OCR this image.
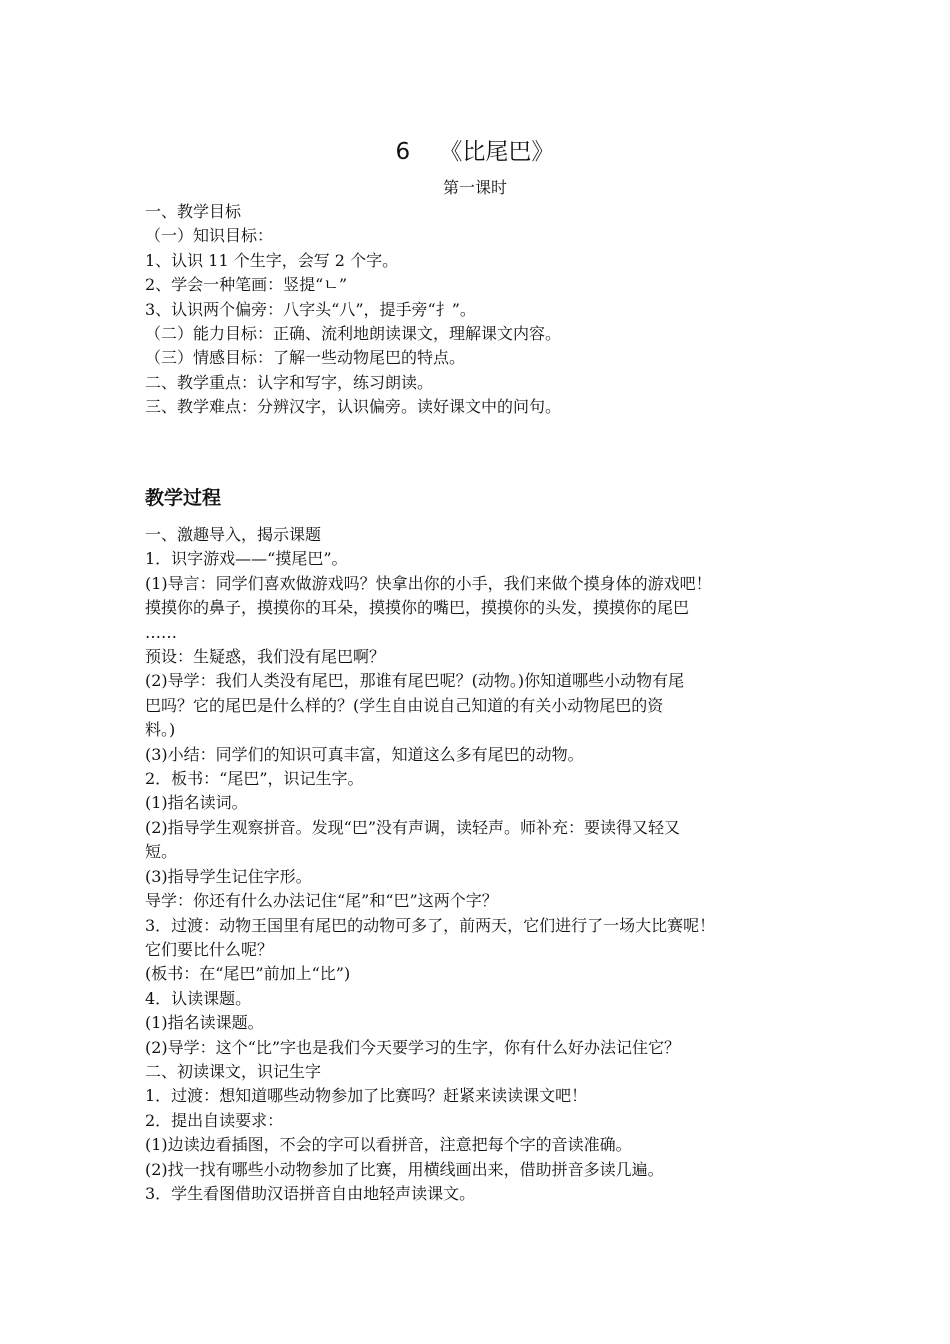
6    《比尾巴》
第一课时
一、教学目标
（一）知识目标：
1、认识 11 个生字，会写 2 个字。
2、学会一种笔画：竖提“ㄴ”
3、认识两个偏旁：八字头“八”，提手旁“扌”。
（二）能力目标：正确、流利地朗读课文，理解课文内容。
（三）情感目标：了解一些动物尾巴的特点。
二、教学重点：认字和写字，练习朗读。
三、教学难点：分辨汉字，认识偏旁。读好课文中的问句。
教学过程
一、激趣导入，揭示课题
1．识字游戏——“摸尾巴”。
(1)导言：同学们喜欢做游戏吗？快拿出你的小手，我们来做个摸身体的游戏吧！
摸摸你的鼻子，摸摸你的耳朵，摸摸你的嘴巴，摸摸你的头发，摸摸你的尾巴
……
预设：生疑惑，我们没有尾巴啊？
(2)导学：我们人类没有尾巴，那谁有尾巴呢？(动物。)你知道哪些小动物有尾
巴吗？它的尾巴是什么样的？(学生自由说自己知道的有关小动物尾巴的资
料。)
(3)小结：同学们的知识可真丰富，知道这么多有尾巴的动物。
2．板书：“尾巴”，识记生字。
(1)指名读词。
(2)指导学生观察拼音。发现“巴”没有声调，读轻声。师补充：要读得又轻又
短。
(3)指导学生记住字形。
导学：你还有什么办法记住“尾”和“巴”这两个字？
3．过渡：动物王国里有尾巴的动物可多了，前两天，它们进行了一场大比赛呢！
它们要比什么呢？
(板书：在“尾巴”前加上“比”)
4．认读课题。
(1)指名读课题。
(2)导学：这个“比”字也是我们今天要学习的生字，你有什么好办法记住它？
二、初读课文，识记生字
1．过渡：想知道哪些动物参加了比赛吗？赶紧来读读课文吧！
2．提出自读要求：
(1)边读边看插图，不会的字可以看拼音，注意把每个字的音读准确。
(2)找一找有哪些小动物参加了比赛，用横线画出来，借助拼音多读几遍。
3．学生看图借助汉语拼音自由地轻声读课文。
